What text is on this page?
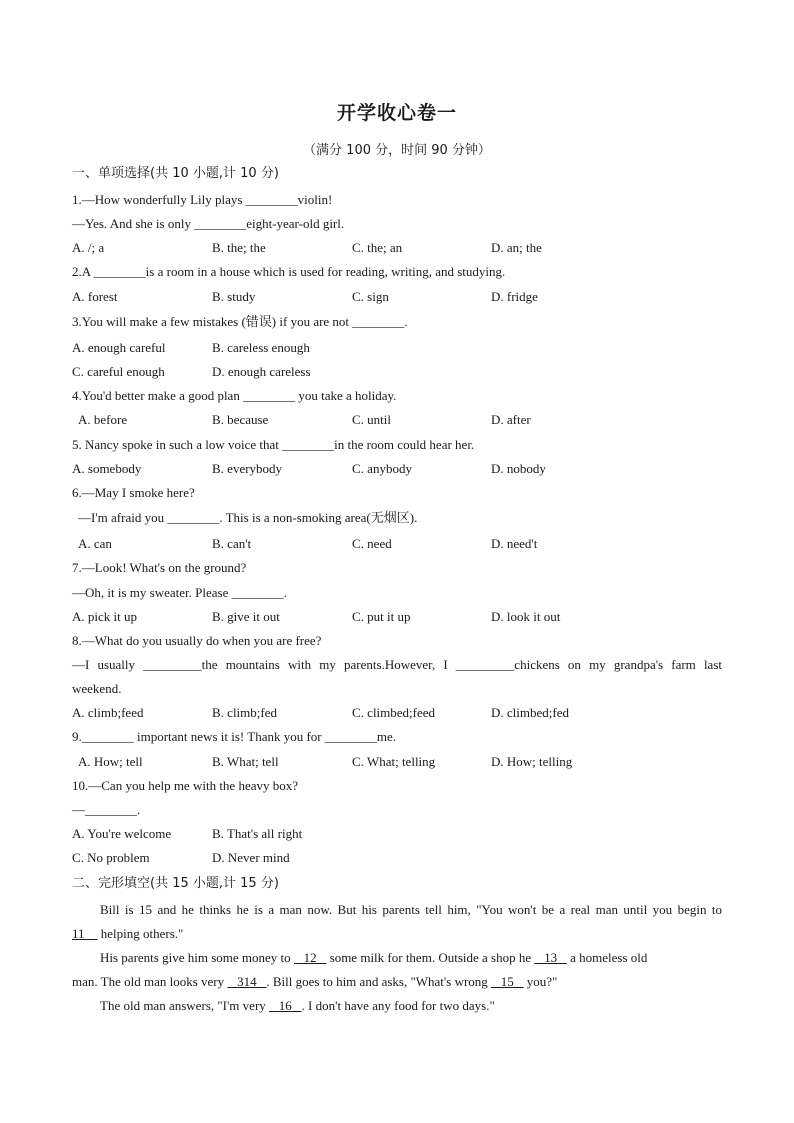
开学收心卷一
（满分 100 分，时间 90 分钟）
一、单项选择(共 10 小题,计 10 分)
1.—How wonderfully Lily plays ________violin!
—Yes. And she is only ________eight-year-old girl.
A. /; a	B. the; the	C. the; an	D. an; the
2.A ________is a room in a house which is used for reading, writing, and studying.
A. forest	B. study	C. sign	D. fridge
3.You will make a few mistakes (错误) if you are not ________.
A. enough careful	B. careless enough
C. careful enough	D. enough careless
4.You'd better make a good plan ________ you take a holiday.
A. before	B. because	C. until	D. after
5. Nancy spoke in such a low voice that ________in the room could hear her.
A. somebody	B. everybody	C. anybody	D. nobody
6.—May I smoke here?
—I'm afraid you ________. This is a non-smoking area(无烟区).
A. can	B. can't	C. need	D. need't
7.—Look! What's on the ground?
—Oh, it is my sweater. Please ________.
A. pick it up	B. give it out	C. put it up	D. look it out
8.—What do you usually do when you are free?
—I usually _________the mountains with my parents.However, I _________chickens on my grandpa's farm last
weekend.
A. climb;feed	B. climb;fed	C. climbed;feed	D. climbed;fed
9.________ important news it is! Thank you for ________me.
A. How; tell	B. What; tell	C. What; telling	D. How; telling
10.—Can you help me with the heavy box?
—________.
A. You're welcome	B. That's all right
C. No problem	D. Never mind
二、完形填空(共 15 小题,计 15 分)
Bill is 15 and he thinks he is a man now. But his parents tell him, "You won't be a real man until you begin to
11     helping others."
His parents give him some money to    12    some milk for them. Outside a shop he    13    a homeless old
man. The old man looks very    314 . Bill goes to him and asks, "What's wrong    15    you?"
The old man answers, "I'm very    16 . I don't have any food for two days."
